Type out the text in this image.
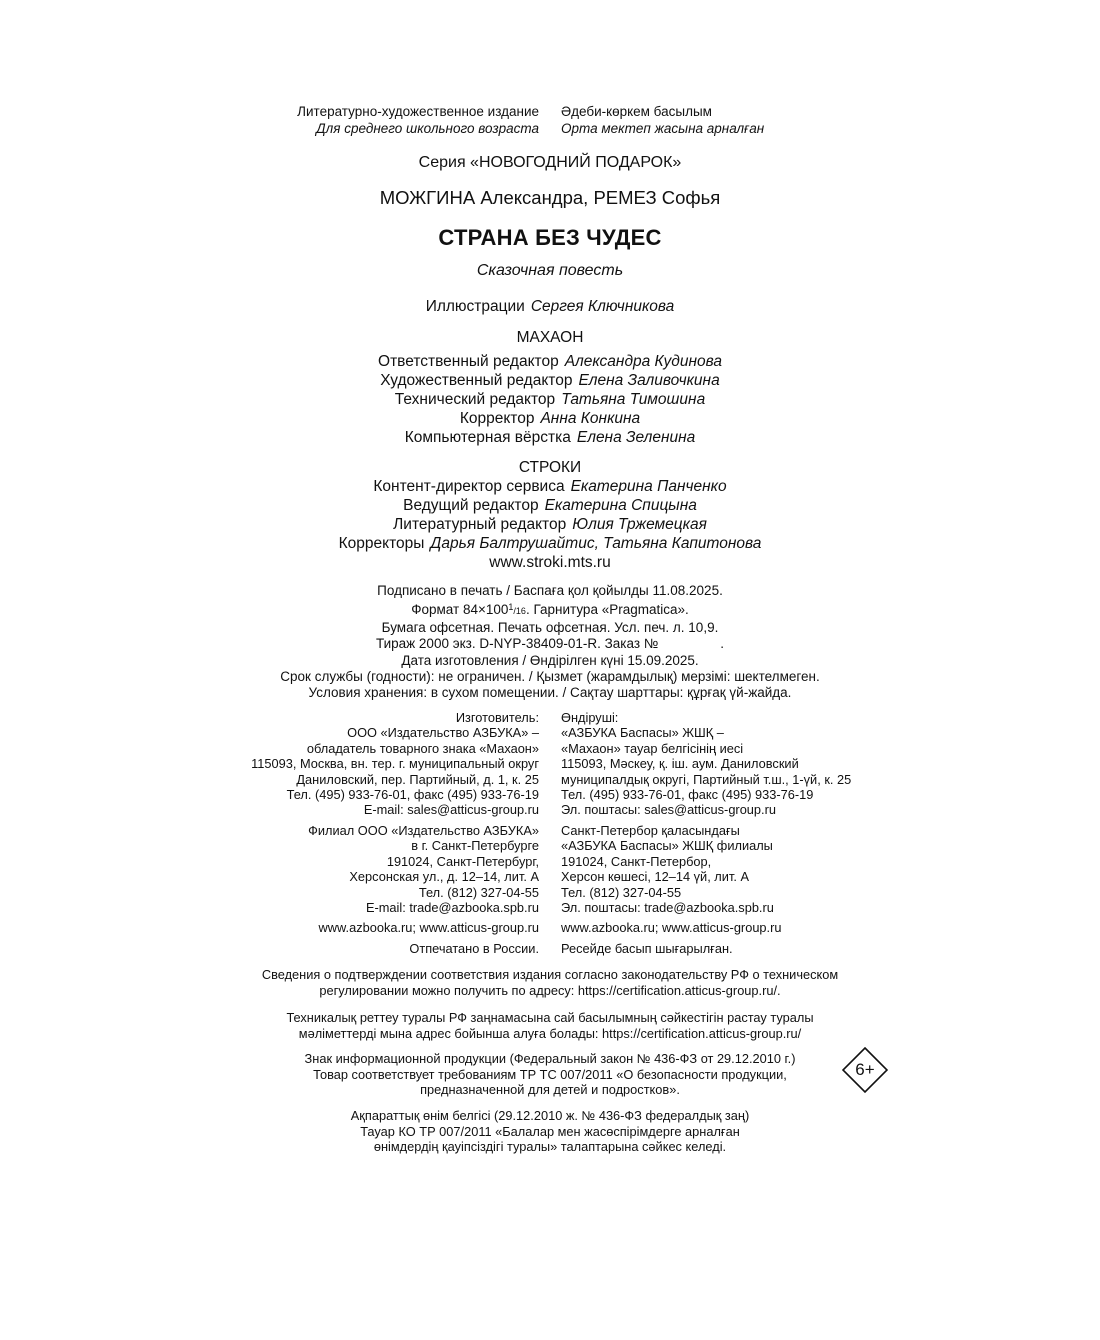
Литературно-художественное издание
Для среднего школьного возраста
Әдеби-көркем басылым
Орта мектеп жасына арналған
Серия «НОВОГОДНИЙ ПОДАРОК»
МОЖГИНА Александра, РЕМЕЗ Софья
СТРАНА БЕЗ ЧУДЕС
Сказочная повесть
Иллюстрации Сергея Ключникова
МАХАОН
Ответственный редактор Александра Кудинова
Художественный редактор Елена Заливочкина
Технический редактор Татьяна Тимошина
Корректор Анна Конкина
Компьютерная вёрстка Елена Зеленина
СТРОКИ
Контент-директор сервиса Екатерина Панченко
Ведущий редактор Екатерина Спицына
Литературный редактор Юлия Тржемецкая
Корректоры Дарья Балтрушайтис, Татьяна Капитонова
www.stroki.mts.ru
Подписано в печать / Баспаға қол қойылды 11.08.2025.
Формат $84\times 100^1/16$. Гарнитура «Pragmatica».
Бумага офсетная. Печать офсетная. Усл. печ. л. 10,9.
Тираж 2000 экз. D-NYP-38409-01-R. Заказ №	.
Дата изготовления / Өндірілген күні 15.09.2025.
Срок службы (годности): не ограничен. / Қызмет (жарамдылық) мерзімі: шектелмеген.
Условия хранения: в сухом помещении. / Сақтау шарттары: құрғақ үй-жайда.
Изготовитель:
ООО «Издательство АЗБУКА» –
обладатель товарного знака «Махаон»
115093, Москва, вн. тер. г. муниципальный округ
Даниловский, пер. Партийный, д. 1, к. 25
Тел. (495) 933-76-01, факс (495) 933-76-19
E-mail: sales@atticus-group.ru
Өндіруші:
«АЗБУКА Баспасы» ЖШҚ –
«Махаон» тауар белгісінің иесі
115093, Мәскеу, қ. іш. аум. Даниловский
муниципалдық округі, Партийный т.ш., 1-үй, к. 25
Тел. (495) 933-76-01, факс (495) 933-76-19
Эл. поштасы: sales@atticus-group.ru
Филиал ООО «Издательство АЗБУКА»
в г. Санкт-Петербурге
191024, Санкт-Петербург,
Херсонская ул., д. 12–14, лит. А
Тел. (812) 327-04-55
E-mail: trade@azbooka.spb.ru
Санкт-Петербор қаласындағы
«АЗБУКА Баспасы» ЖШҚ филиалы
191024, Санкт-Петербор,
Херсон көшесі, 12–14 үй, лит. А
Тел. (812) 327-04-55
Эл. поштасы: trade@azbooka.spb.ru
www.azbooka.ru; www.atticus-group.ru www.azbooka.ru; www.atticus-group.ru
Отпечатано в России. Ресейде басып шығарылған.
Сведения о подтверждении соответствия издания согласно законодательству РФ о техническом
регулировании можно получить по адресу: https://certification.atticus-group.ru/.
Техникалық реттеу туралы РФ заңнамасына сай басылымның сәйкестігін растау туралы
мәліметтерді мына адрес бойынша алуға болады: https://certification.atticus-group.ru/
Знак информационной продукции (Федеральный закон № 436-ФЗ от 29.12.2010 г.)
Товар соответствует требованиям ТР ТС 007/2011 «О безопасности продукции,
предназначенной для детей и подростков».
6+
Ақпараттық өнім белгісі (29.12.2010 ж. № 436-ФЗ федералдық заң)
Тауар КО ТР 007/2011 «Балалар мен жасөспірімдерге арналған
өнімдердің қауіпсіздігі туралы» талаптарына сәйкес келеді.
